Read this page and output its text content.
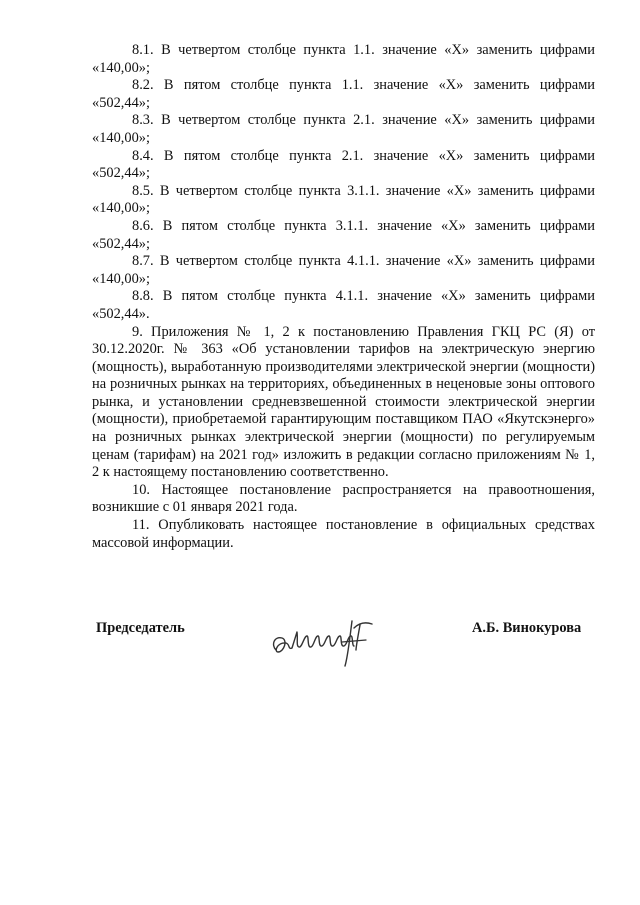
8.1. В четвертом столбце пункта 1.1. значение «Х» заменить цифрами «140,00»;

8.2. В пятом столбце пункта 1.1. значение «Х» заменить цифрами «502,44»;

8.3. В четвертом столбце пункта 2.1. значение «Х» заменить цифрами «140,00»;

8.4. В пятом столбце пункта 2.1. значение «Х» заменить цифрами «502,44»;

8.5. В четвертом столбце пункта 3.1.1. значение «Х» заменить цифрами «140,00»;

8.6. В пятом столбце пункта 3.1.1. значение «Х» заменить цифрами «502,44»;

8.7. В четвертом столбце пункта 4.1.1. значение «Х» заменить цифрами «140,00»;

8.8. В пятом столбце пункта 4.1.1. значение «Х» заменить цифрами «502,44».

9. Приложения № 1, 2 к постановлению Правления ГКЦ РС (Я) от 30.12.2020г. № 363 «Об установлении тарифов на электрическую энергию (мощность), выработанную производителями электрической энергии (мощности) на розничных рынках на территориях, объединенных в неценовые зоны оптового рынка, и установлении средневзвешенной стоимости электрической энергии (мощности), приобретаемой гарантирующим поставщиком ПАО «Якутскэнерго» на розничных рынках электрической энергии (мощности) по регулируемым ценам (тарифам) на 2021 год» изложить в редакции согласно приложениям № 1, 2 к настоящему постановлению соответственно.

10. Настоящее постановление распространяется на правоотношения, возникшие с 01 января 2021 года.

11. Опубликовать настоящее постановление в официальных средствах массовой информации.

Председатель	А.Б. Винокурова
